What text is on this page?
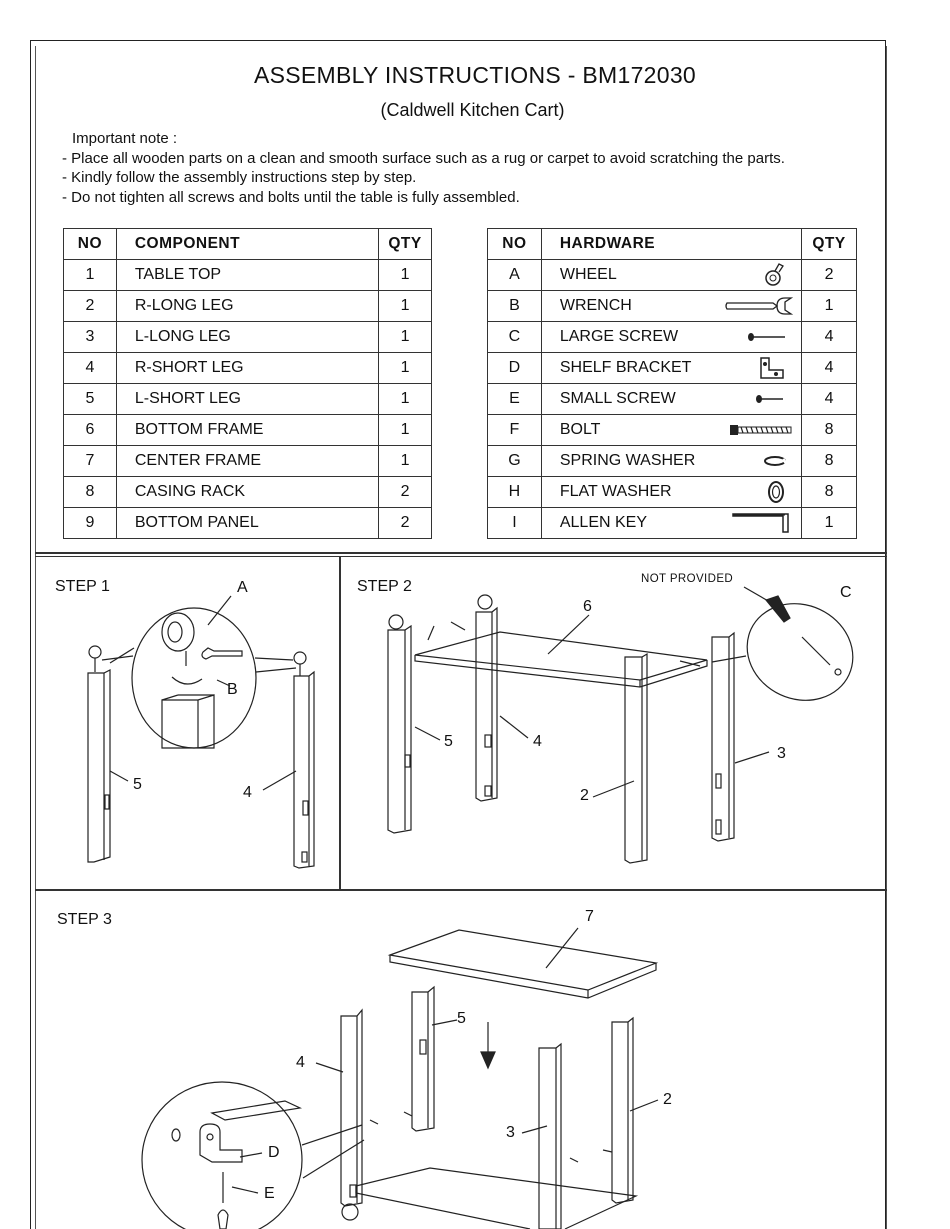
ASSEMBLY INSTRUCTIONS - BM172030
(Caldwell Kitchen Cart)
Important note :
- Place all wooden parts on a clean and smooth surface such as a rug or carpet to avoid scratching the parts.
- Kindly follow the assembly instructions step by step.
- Do not tighten all screws and bolts until the table is fully assembled.
NO	COMPONENT	QTY
1	TABLE TOP	1
2	R-LONG LEG	1
3	L-LONG LEG	1
4	R-SHORT LEG	1
5	L-SHORT LEG	1
6	BOTTOM FRAME	1
7	CENTER FRAME	1
8	CASING RACK	2
9	BOTTOM PANEL	2
NO	HARDWARE	QTY
A	WHEEL	2
B	WRENCH	1
C	LARGE SCREW	4
D	SHELF BRACKET	4
E	SMALL SCREW	4
F	BOLT	8
G	SPRING WASHER	8
H	FLAT WASHER	8
I	ALLEN KEY	1
STEP 1	A
B
5	4
STEP 2	NOT PROVIDED
C
6
5	4
3
2
STEP 3	7
5
4
3
2
D
E
